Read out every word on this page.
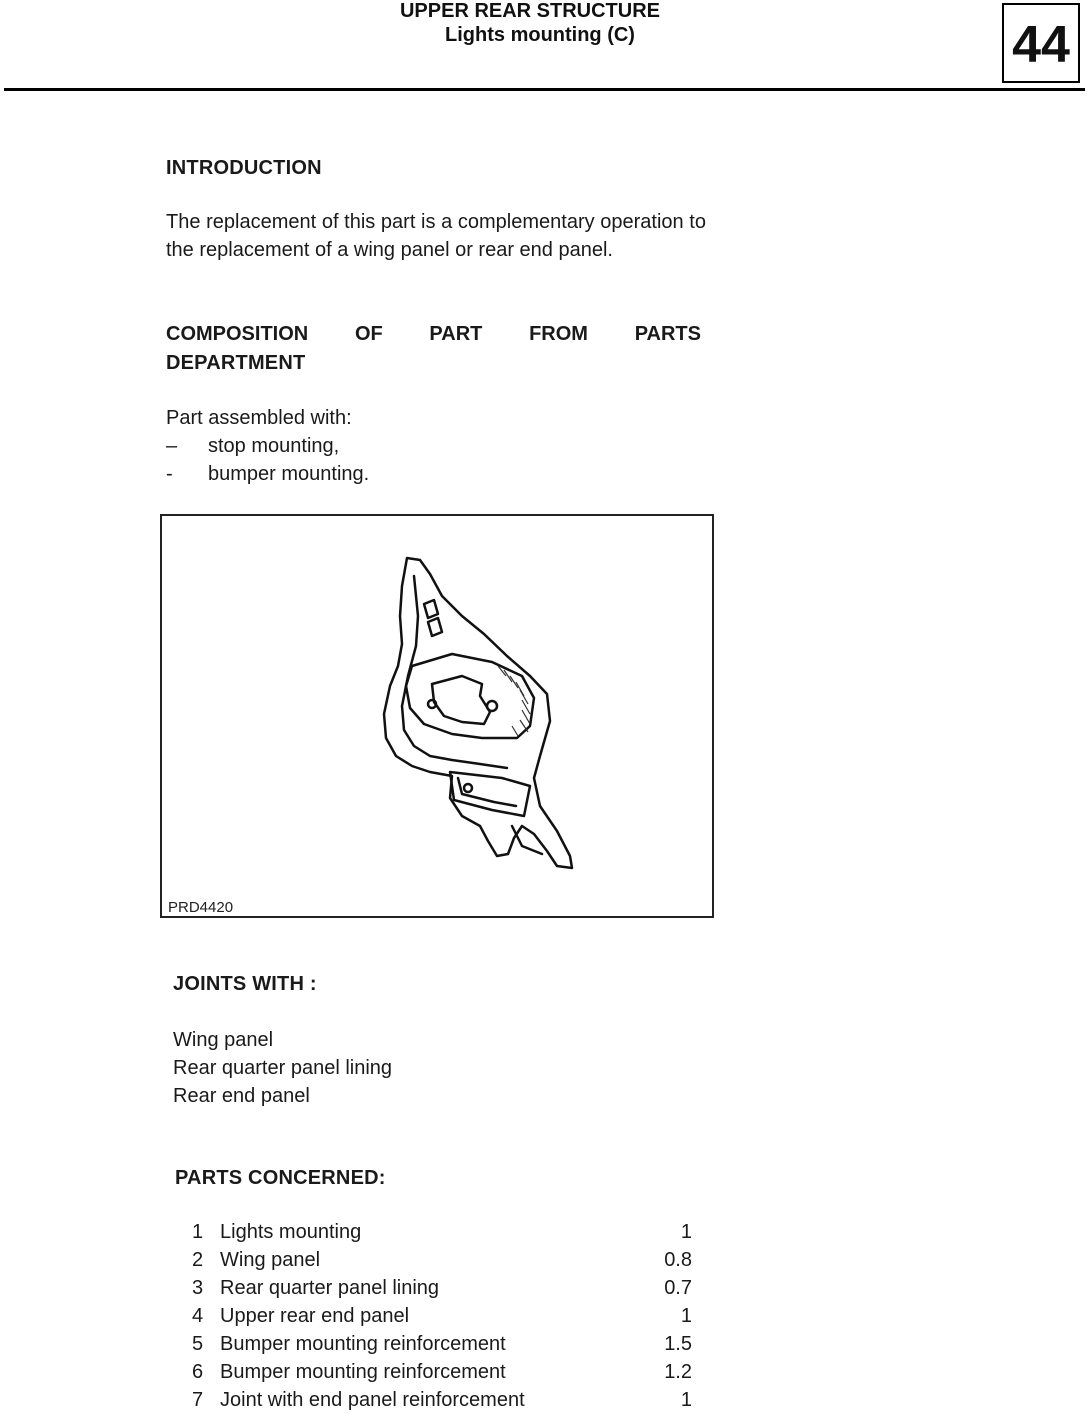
UPPER REAR STRUCTURE
Lights mounting (C)	44
INTRODUCTION
The replacement of this part is a complementary operation to the replacement of a wing panel or rear end panel.
COMPOSITION OF PART FROM PARTS
DEPARTMENT
Part assembled with:
–	stop mounting,
-	bumper mounting.
PRD4420
JOINTS WITH :
Wing panel
Rear quarter panel lining
Rear end panel
PARTS CONCERNED:
1 Lights mounting	1
2 Wing panel	0.8
3 Rear quarter panel lining	0.7
4 Upper rear end panel	1
5 Bumper mounting reinforcement	1.5
6 Bumper mounting reinforcement	1.2
7 Joint with end panel reinforcement	1
